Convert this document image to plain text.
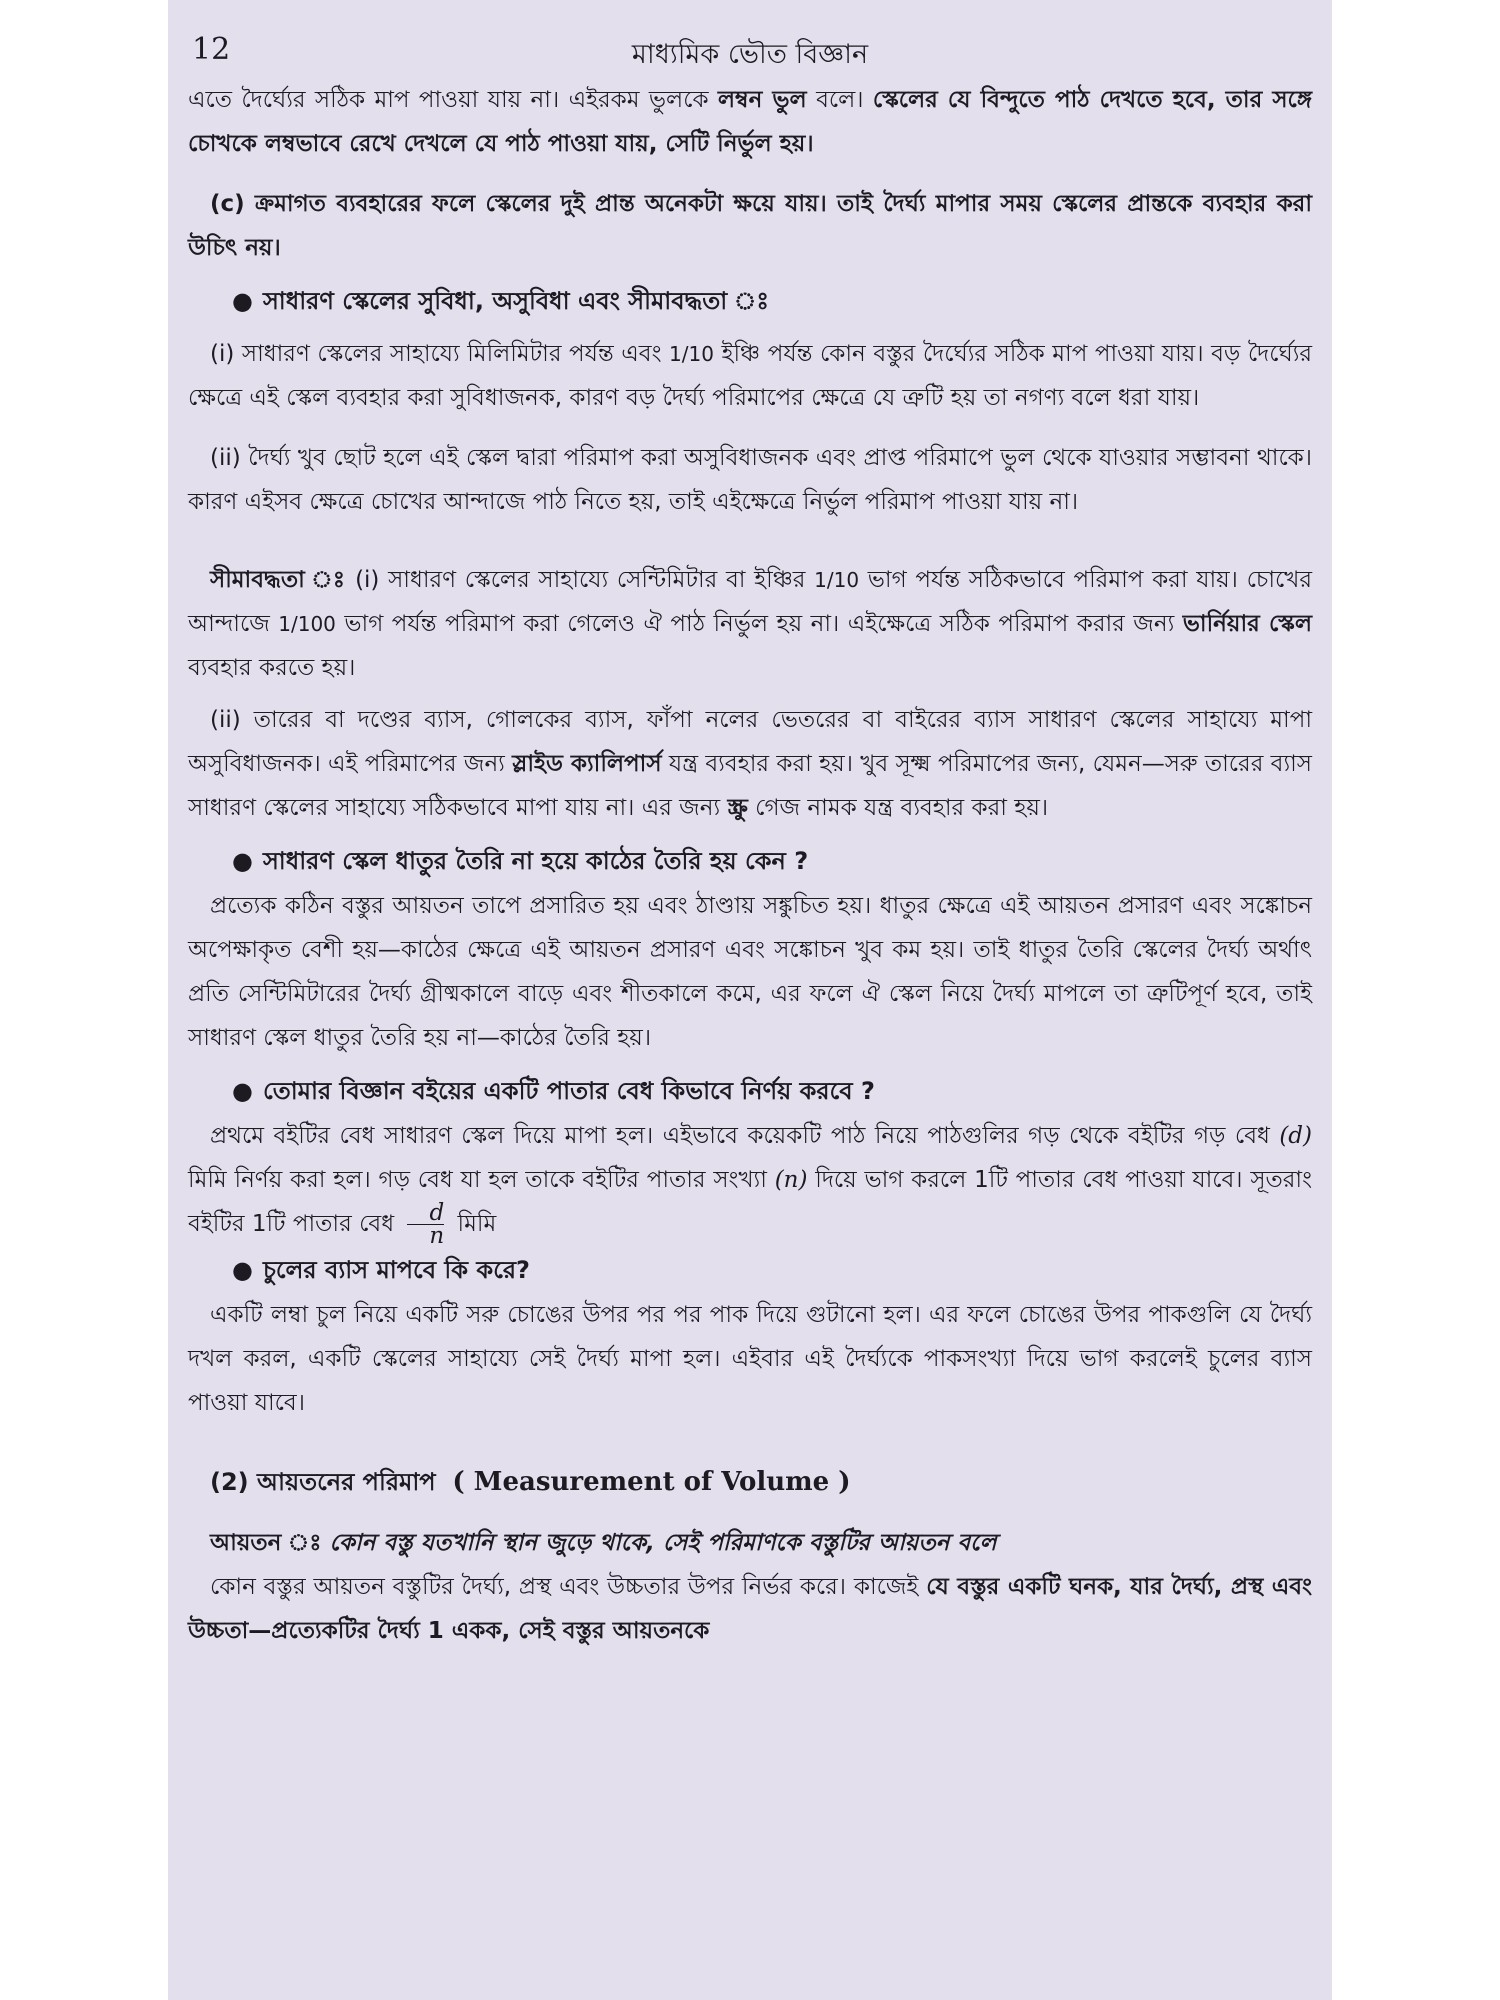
12	মাধ্যমিক ভৌত বিজ্ঞান

এতে দৈর্ঘ্যের সঠিক মাপ পাওয়া যায় না। এইরকম ভুলকে লম্বন ভুল বলে। স্কেলের যে বিন্দুতে পাঠ দেখতে হবে, তার সঙ্গে চোখকে লম্বভাবে রেখে দেখলে যে পাঠ পাওয়া যায়, সেটি নির্ভুল হয়।

(c) ক্রমাগত ব্যবহারের ফলে স্কেলের দুই প্রান্ত অনেকটা ক্ষয়ে যায়। তাই দৈর্ঘ্য মাপার সময় স্কেলের প্রান্তকে ব্যবহার করা উচিৎ নয়।

● সাধারণ স্কেলের সুবিধা, অসুবিধা এবং সীমাবদ্ধতা ঃ

(i) সাধারণ স্কেলের সাহায্যে মিলিমিটার পর্যন্ত এবং 1/10 ইঞ্চি পর্যন্ত কোন বস্তুর দৈর্ঘ্যের সঠিক মাপ পাওয়া যায়। বড় দৈর্ঘ্যের ক্ষেত্রে এই স্কেল ব্যবহার করা সুবিধাজনক, কারণ বড় দৈর্ঘ্য পরিমাপের ক্ষেত্রে যে ত্রুটি হয় তা নগণ্য বলে ধরা যায়।

(ii) দৈর্ঘ্য খুব ছোট হলে এই স্কেল দ্বারা পরিমাপ করা অসুবিধাজনক এবং প্রাপ্ত পরিমাপে ভুল থেকে যাওয়ার সম্ভাবনা থাকে। কারণ এইসব ক্ষেত্রে চোখের আন্দাজে পাঠ নিতে হয়, তাই এইক্ষেত্রে নির্ভুল পরিমাপ পাওয়া যায় না।

সীমাবদ্ধতা ঃ (i) সাধারণ স্কেলের সাহায্যে সেন্টিমিটার বা ইঞ্চির 1/10 ভাগ পর্যন্ত সঠিকভাবে পরিমাপ করা যায়। চোখের আন্দাজে 1/100 ভাগ পর্যন্ত পরিমাপ করা গেলেও ঐ পাঠ নির্ভুল হয় না। এইক্ষেত্রে সঠিক পরিমাপ করার জন্য ভার্নিয়ার স্কেল ব্যবহার করতে হয়।

(ii) তারের বা দণ্ডের ব্যাস, গোলকের ব্যাস, ফাঁপা নলের ভেতরের বা বাইরের ব্যাস সাধারণ স্কেলের সাহায্যে মাপা অসুবিধাজনক। এই পরিমাপের জন্য স্লাইড ক্যালিপার্স যন্ত্র ব্যবহার করা হয়। খুব সূক্ষ্ম পরিমাপের জন্য, যেমন—সরু তারের ব্যাস সাধারণ স্কেলের সাহায্যে সঠিকভাবে মাপা যায় না। এর জন্য স্ক্রু গেজ নামক যন্ত্র ব্যবহার করা হয়।

● সাধারণ স্কেল ধাতুর তৈরি না হয়ে কাঠের তৈরি হয় কেন ?

প্রত্যেক কঠিন বস্তুর আয়তন তাপে প্রসারিত হয় এবং ঠাণ্ডায় সঙ্কুচিত হয়। ধাতুর ক্ষেত্রে এই আয়তন প্রসারণ এবং সঙ্কোচন অপেক্ষাকৃত বেশী হয়—কাঠের ক্ষেত্রে এই আয়তন প্রসারণ এবং সঙ্কোচন খুব কম হয়। তাই ধাতুর তৈরি স্কেলের দৈর্ঘ্য অর্থাৎ প্রতি সেন্টিমিটারের দৈর্ঘ্য গ্রীষ্মকালে বাড়ে এবং শীতকালে কমে, এর ফলে ঐ স্কেল নিয়ে দৈর্ঘ্য মাপলে তা ত্রুটিপূর্ণ হবে, তাই সাধারণ স্কেল ধাতুর তৈরি হয় না—কাঠের তৈরি হয়।

● তোমার বিজ্ঞান বইয়ের একটি পাতার বেধ কিভাবে নির্ণয় করবে ?

প্রথমে বইটির বেধ সাধারণ স্কেল দিয়ে মাপা হল। এইভাবে কয়েকটি পাঠ নিয়ে পাঠগুলির গড় থেকে বইটির গড় বেধ (d) মিমি নির্ণয় করা হল। গড় বেধ যা হল তাকে বইটির পাতার সংখ্যা (n) দিয়ে ভাগ করলে 1টি পাতার বেধ পাওয়া যাবে। সূতরাং বইটির 1টি পাতার বেধ $\frac{d}{n}$ মিমি

● চুলের ব্যাস মাপবে কি করে?

একটি লম্বা চুল নিয়ে একটি সরু চোঙের উপর পর পর পাক দিয়ে গুটানো হল। এর ফলে চোঙের উপর পাকগুলি যে দৈর্ঘ্য দখল করল, একটি স্কেলের সাহায্যে সেই দৈর্ঘ্য মাপা হল। এইবার এই দৈর্ঘ্যকে পাকসংখ্যা দিয়ে ভাগ করলেই চুলের ব্যাস পাওয়া যাবে।

(2) আয়তনের পরিমাপ ( Measurement of Volume )

আয়তন ঃ কোন বস্তু যতখানি স্থান জুড়ে থাকে, সেই পরিমাণকে বস্তুটির আয়তন বলে

কোন বস্তুর আয়তন বস্তুটির দৈর্ঘ্য, প্রস্থ এবং উচ্চতার উপর নির্ভর করে। কাজেই যে বস্তুর একটি ঘনক, যার দৈর্ঘ্য, প্রস্থ এবং উচ্চতা—প্রত্যেকটির দৈর্ঘ্য 1 একক, সেই বস্তুর আয়তনকে
